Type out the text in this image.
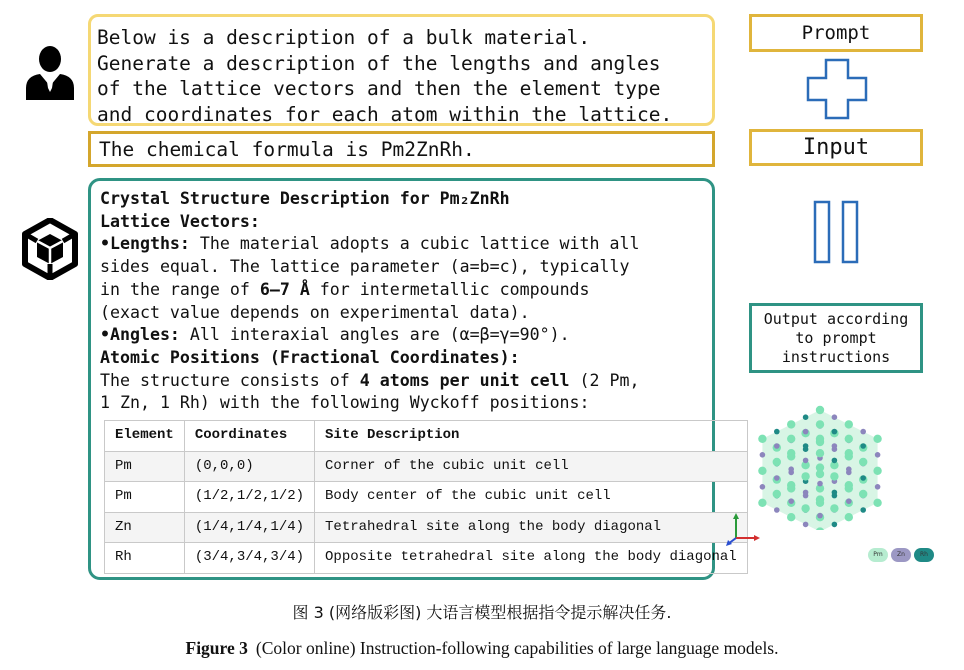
Below is a description of a bulk material.
Generate a description of the lengths and angles
of the lattice vectors and then the element type
and coordinates for each atom within the lattice.
The chemical formula is Pm2ZnRh.
Crystal Structure Description for Pm₂ZnRh
Lattice Vectors:
•Lengths: The material adopts a cubic lattice with all
sides equal. The lattice parameter (a=b=c), typically
in the range of 6–7 Å for intermetallic compounds
(exact value depends on experimental data).
•Angles: All interaxial angles are (α=β=γ=90°).
Atomic Positions (Fractional Coordinates):
The structure consists of 4 atoms per unit cell (2 Pm,
1 Zn, 1 Rh) with the following Wyckoff positions:
Element	Coordinates	Site Description
Pm	(0,0,0)	Corner of the cubic unit cell
Pm	(1/2,1/2,1/2)	Body center of the cubic unit cell
Zn	(1/4,1/4,1/4)	Tetrahedral site along the body diagonal
Rh	(3/4,3/4,3/4)	Opposite tetrahedral site along the body diagonal
Prompt
Input
Output according
to prompt
instructions
Pm	Zn	Rh
图 3 (网络版彩图) 大语言模型根据指令提示解决任务.
Figure 3 (Color online) Instruction-following capabilities of large language models.
